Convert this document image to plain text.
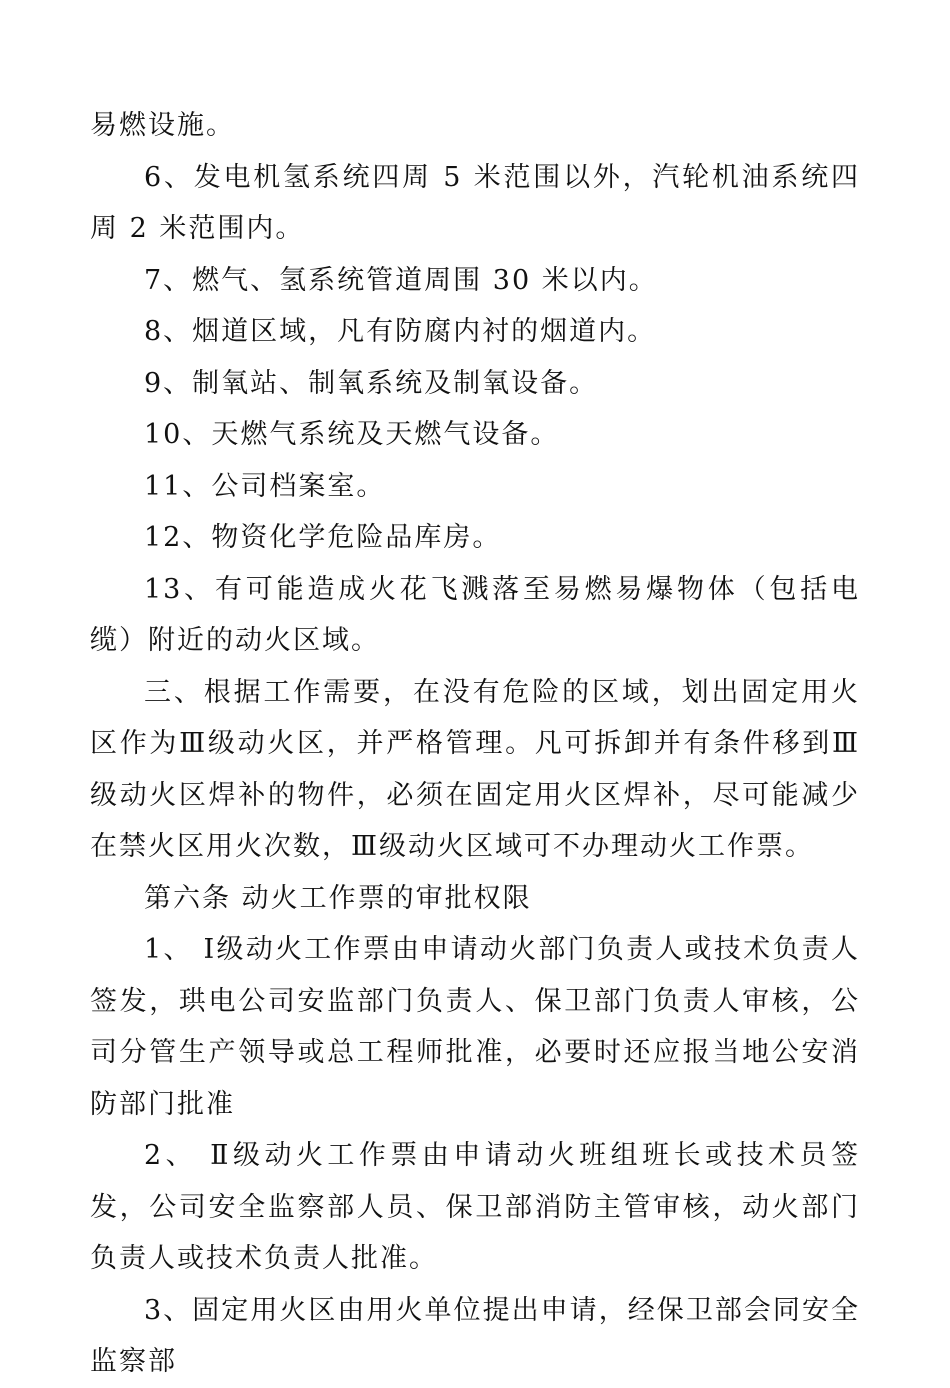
易燃设施。

6、发电机氢系统四周 5 米范围以外，汽轮机油系统四周 2 米范围内。

7、燃气、氢系统管道周围 30 米以内。

8、烟道区域，凡有防腐内衬的烟道内。

9、制氧站、制氧系统及制氧设备。

10、天燃气系统及天燃气设备。

11、公司档案室。

12、物资化学危险品库房。

13、有可能造成火花飞溅落至易燃易爆物体（包括电缆）附近的动火区域。

三、根据工作需要，在没有危险的区域，划出固定用火区作为Ⅲ级动火区，并严格管理。凡可拆卸并有条件移到Ⅲ级动火区焊补的物件，必须在固定用火区焊补，尽可能减少在禁火区用火次数，Ⅲ级动火区域可不办理动火工作票。

第六条 动火工作票的审批权限

1、 Ⅰ级动火工作票由申请动火部门负责人或技术负责人签发，珙电公司安监部门负责人、保卫部门负责人审核，公司分管生产领导或总工程师批准，必要时还应报当地公安消防部门批准

2、 Ⅱ级动火工作票由申请动火班组班长或技术员签发，公司安全监察部人员、保卫部消防主管审核，动火部门负责人或技术负责人批准。

3、固定用火区由用火单位提出申请，经保卫部会同安全监察部
